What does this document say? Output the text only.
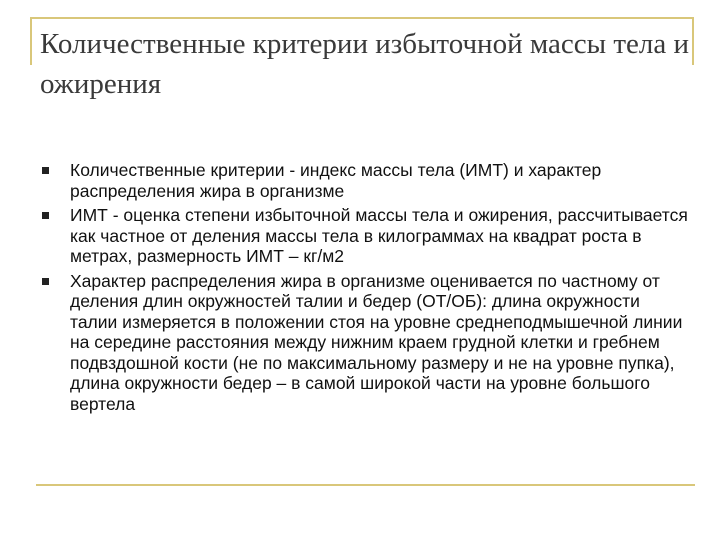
Количественные критерии избыточной массы тела и ожирения
Количественные критерии - индекс массы тела (ИМТ) и характер распределения жира в организме
ИМТ - оценка степени избыточной массы тела и ожирения, рассчитывается как частное от деления массы тела в килограммах на квадрат роста в метрах, размерность ИМТ – кг/м2
Характер распределения жира в организме оценивается по частному от деления длин окружностей талии и бедер (ОТ/ОБ): длина окружности талии измеряется в положении стоя на уровне среднеподмышечной линии на середине расстояния между нижним краем грудной клетки и гребнем подвздошной кости (не по максимальному размеру и не на уровне пупка), длина окружности бедер – в самой широкой части на уровне большого вертела
